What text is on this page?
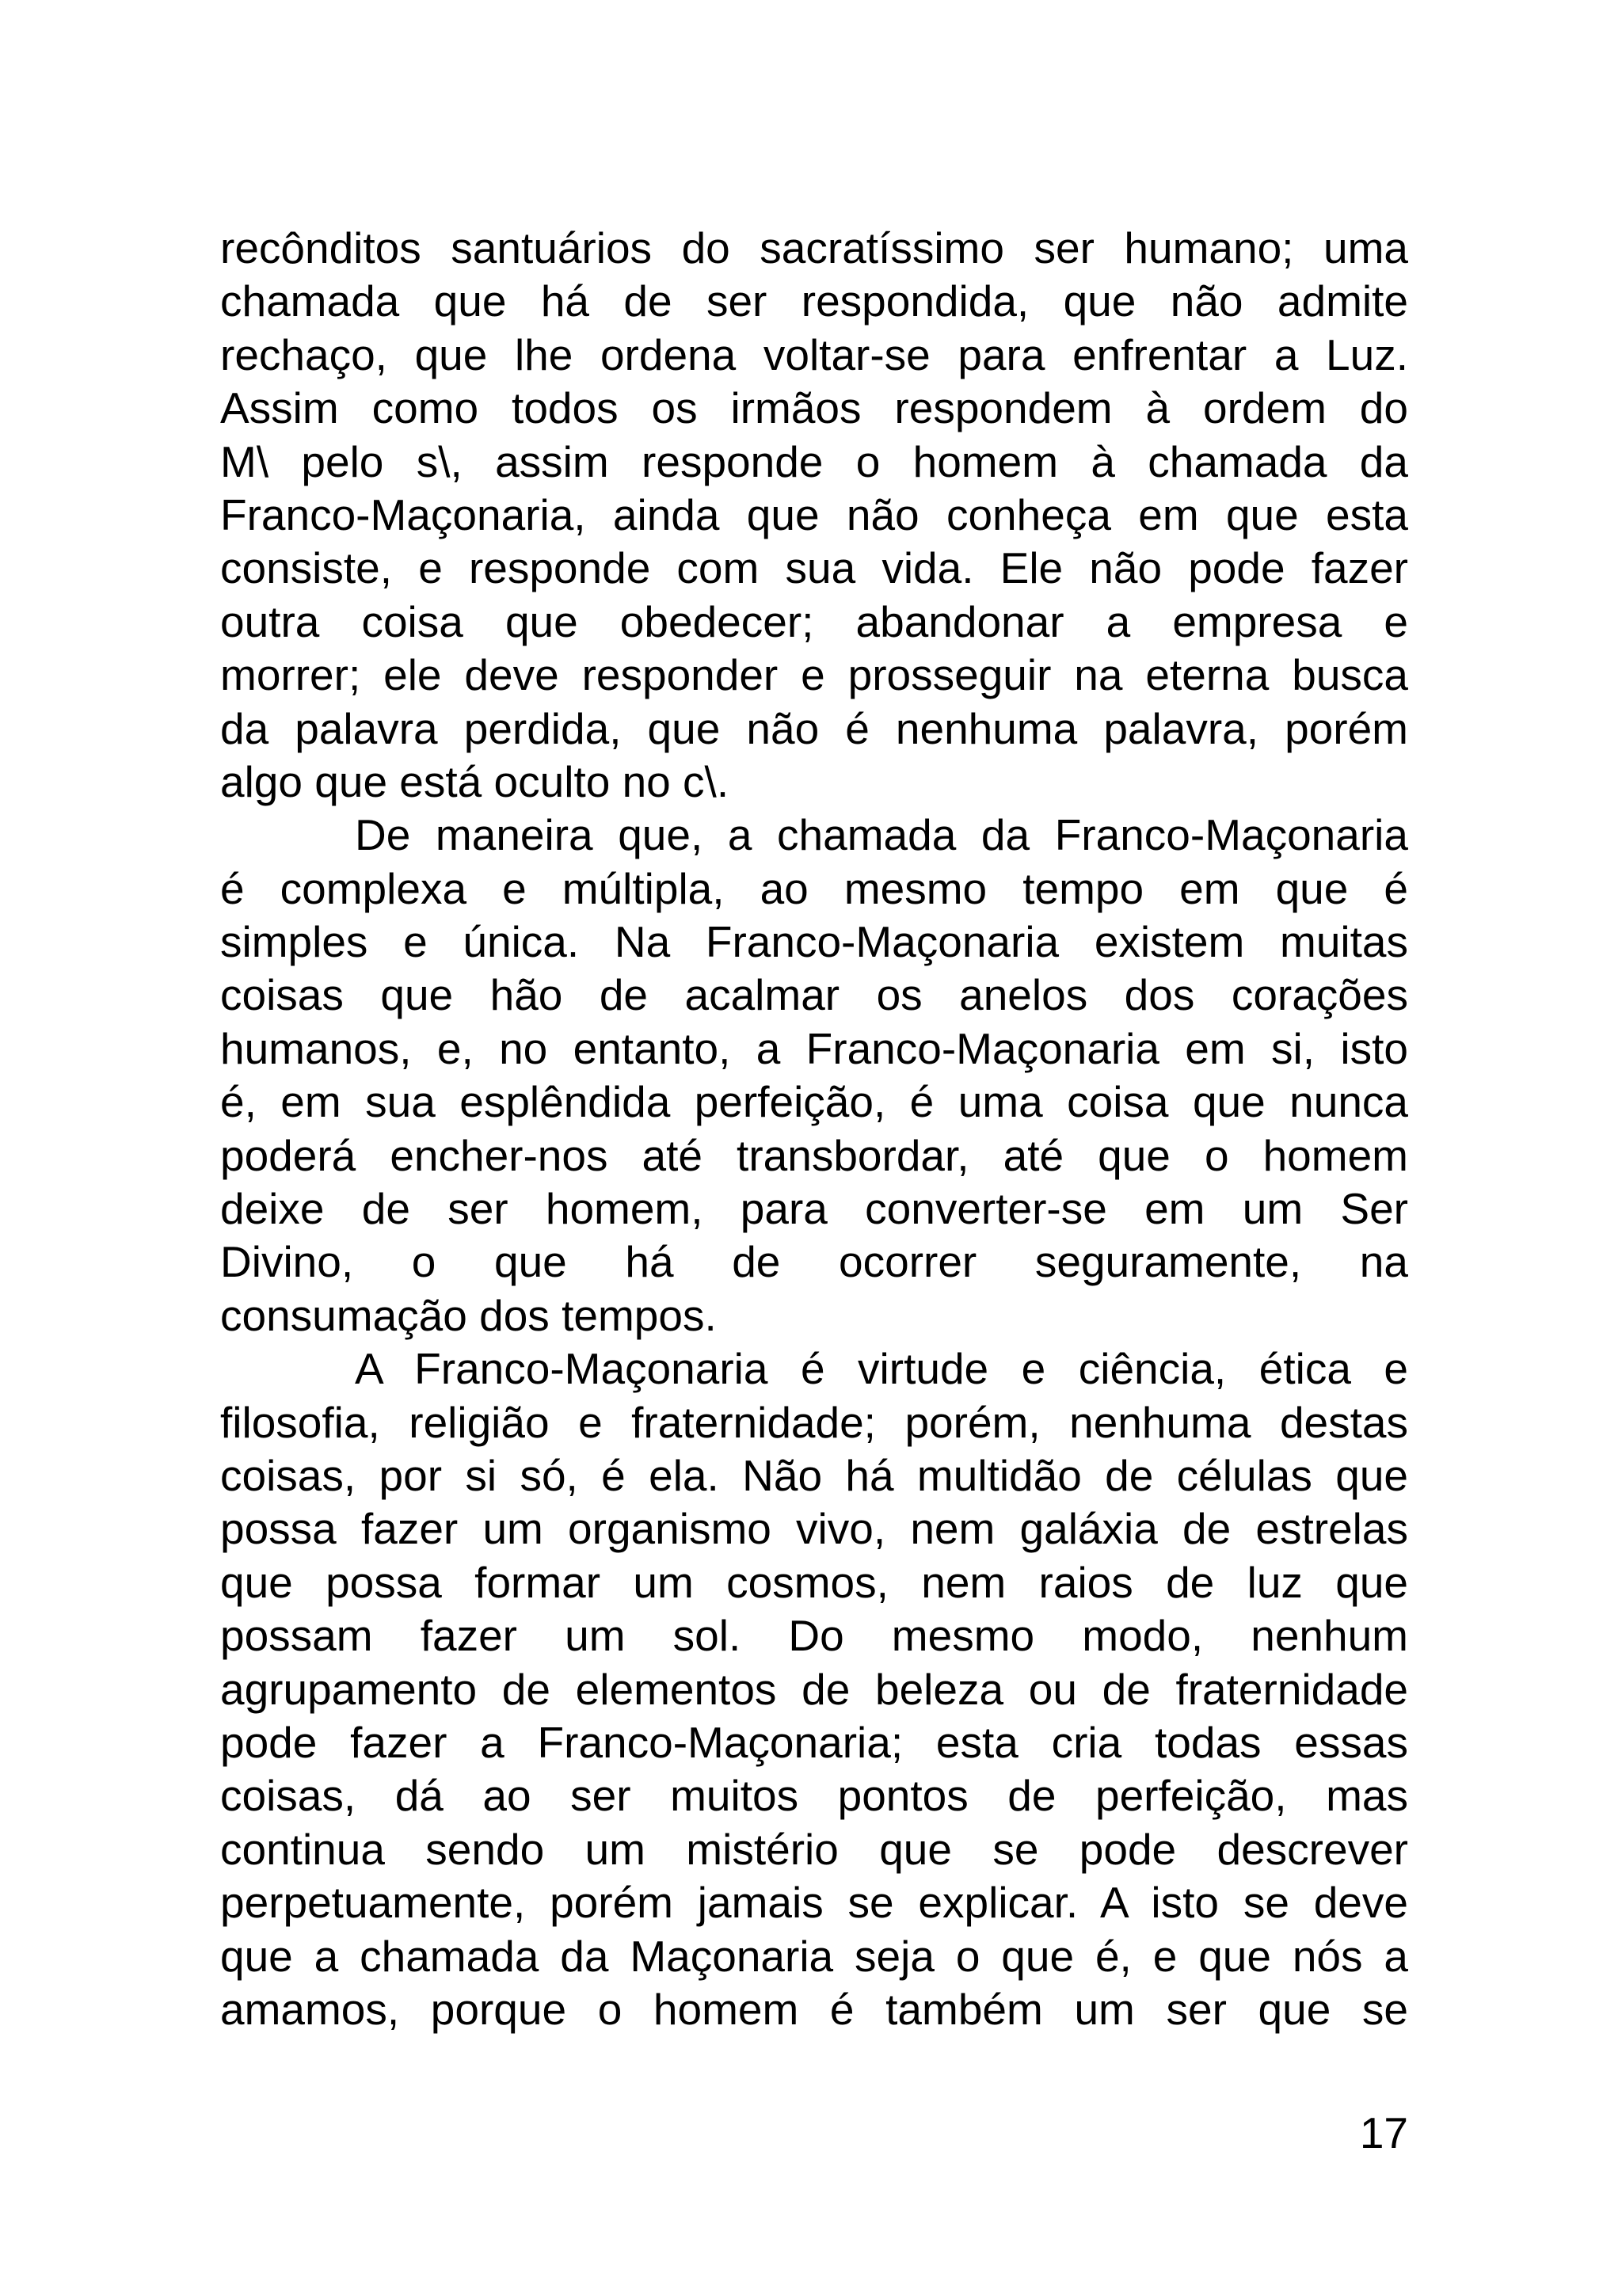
recônditos santuários do sacratíssimo ser humano; uma
chamada que há de ser respondida, que não admite
rechaço, que lhe ordena voltar-se para enfrentar a Luz.
Assim como todos os irmãos respondem à ordem do
M\ pelo s\, assim responde o homem à chamada da
Franco-Maçonaria, ainda que não conheça em que esta
consiste, e responde com sua vida. Ele não pode fazer
outra coisa que obedecer; abandonar a empresa e
morrer; ele deve responder e prosseguir na eterna busca
da palavra perdida, que não é nenhuma palavra, porém
algo que está oculto no c\.
De maneira que, a chamada da Franco-Maçonaria
é complexa e múltipla, ao mesmo tempo em que é
simples e única. Na Franco-Maçonaria existem muitas
coisas que hão de acalmar os anelos dos corações
humanos, e, no entanto, a Franco-Maçonaria em si, isto
é, em sua esplêndida perfeição, é uma coisa que nunca
poderá encher-nos até transbordar, até que o homem
deixe de ser homem, para converter-se em um Ser
Divino, o que há de ocorrer seguramente, na
consumação dos tempos.
A Franco-Maçonaria é virtude e ciência, ética e
filosofia, religião e fraternidade; porém, nenhuma destas
coisas, por si só, é ela. Não há multidão de células que
possa fazer um organismo vivo, nem galáxia de estrelas
que possa formar um cosmos, nem raios de luz que
possam fazer um sol. Do mesmo modo, nenhum
agrupamento de elementos de beleza ou de fraternidade
pode fazer a Franco-Maçonaria; esta cria todas essas
coisas, dá ao ser muitos pontos de perfeição, mas
continua sendo um mistério que se pode descrever
perpetuamente, porém jamais se explicar. A isto se deve
que a chamada da Maçonaria seja o que é, e que nós a
amamos, porque o homem é também um ser que se
17
